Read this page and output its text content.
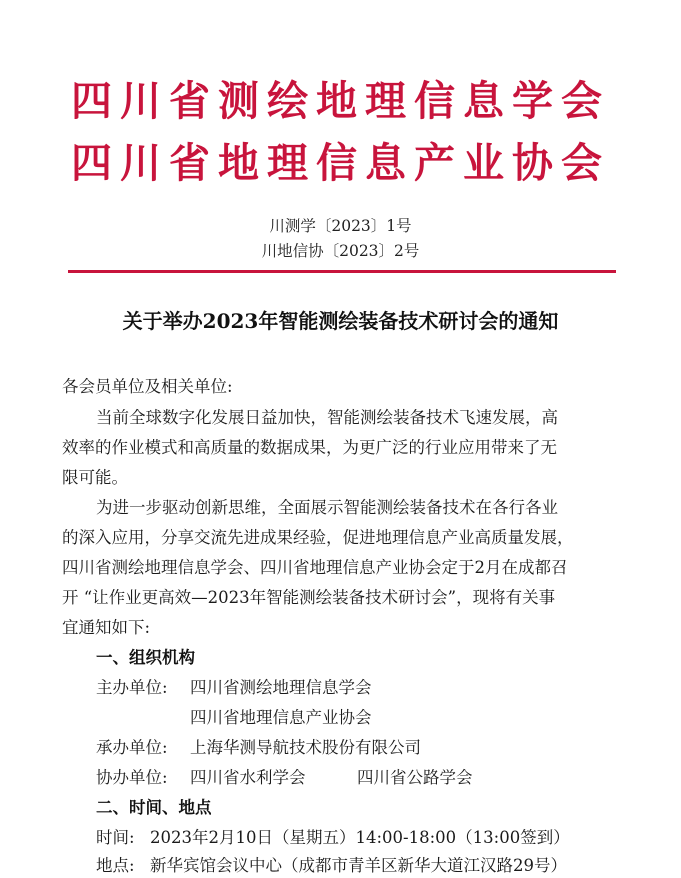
四川省测绘地理信息学会
四川省地理信息产业协会
川测学〔2023〕1号
川地信协〔2023〕2号
关于举办2023年智能测绘装备技术研讨会的通知
各会员单位及相关单位:
当前全球数字化发展日益加快，智能测绘装备技术飞速发展，高
效率的作业模式和高质量的数据成果，为更广泛的行业应用带来了无
限可能。
为进一步驱动创新思维，全面展示智能测绘装备技术在各行各业
的深入应用，分享交流先进成果经验，促进地理信息产业高质量发展，
四川省测绘地理信息学会、四川省地理信息产业协会定于2月在成都召
开 “让作业更高效—2023年智能测绘装备技术研讨会”，现将有关事
宜通知如下:
一、组织机构
主办单位: 四川省测绘地理信息学会
四川省地理信息产业协会
承办单位: 上海华测导航技术股份有限公司
协办单位: 四川省水利学会	四川省公路学会
二、时间、地点
时间: 2023年2月10日（星期五）14:00-18:00（13:00签到）
地点: 新华宾馆会议中心（成都市青羊区新华大道江汉路29号）
